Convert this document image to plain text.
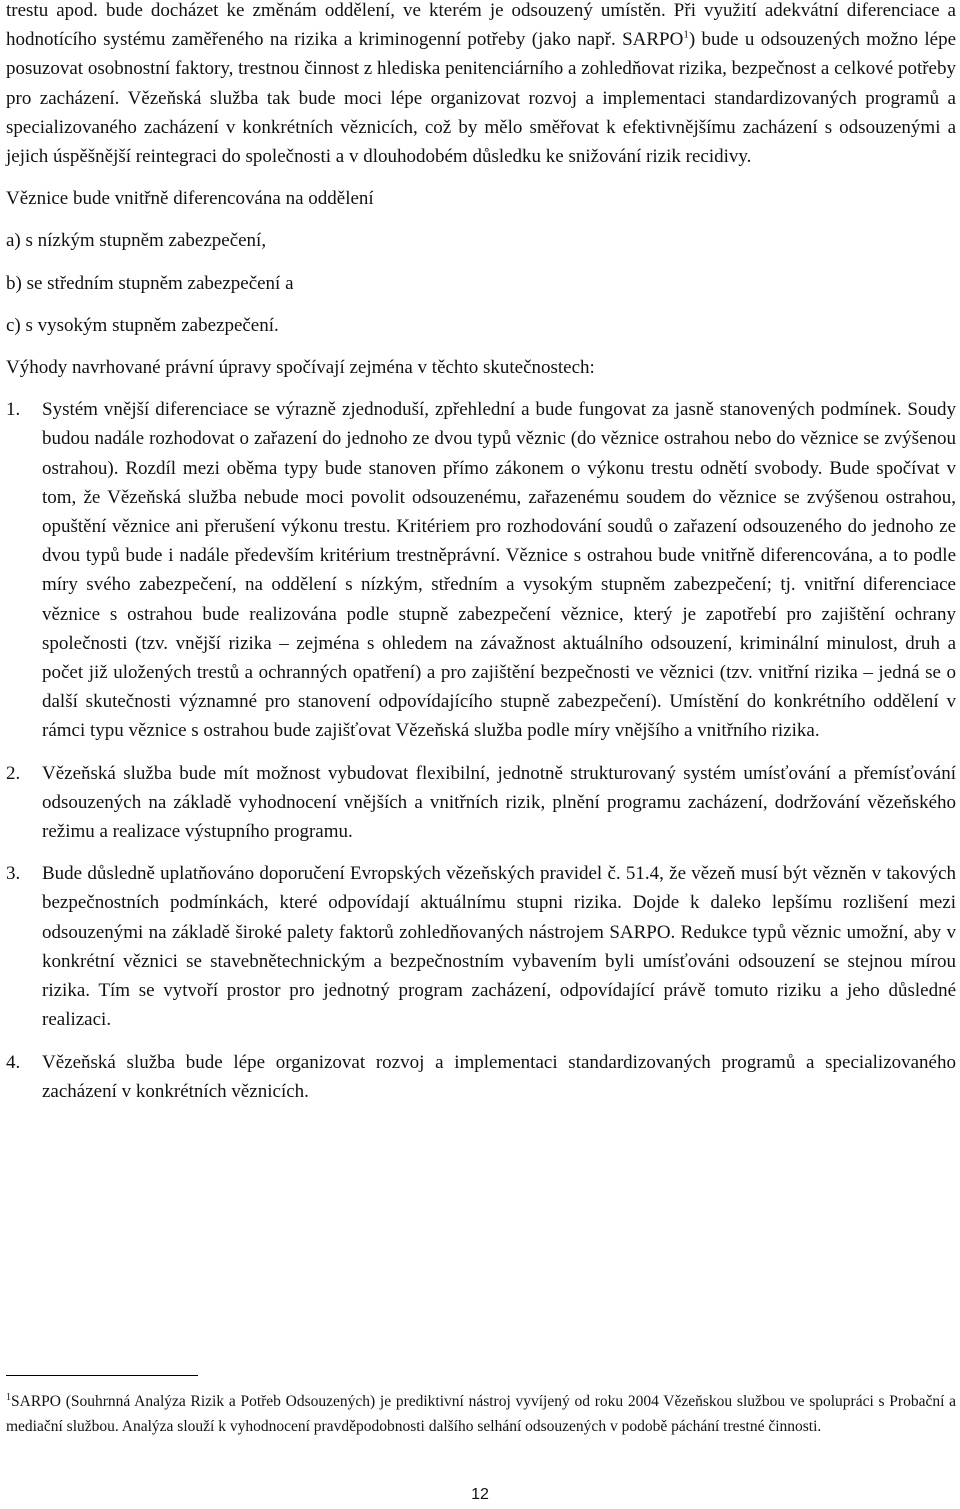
trestu apod. bude docházet ke změnám oddělení, ve kterém je odsouzený umístěn. Při využití adekvátní diferenciace a hodnotícího systému zaměřeného na rizika a kriminogenní potřeby (jako např. SARPO$^1$) bude u odsouzených možno lépe posuzovat osobnostní faktory, trestnou činnost z hlediska penitenciárního a zohledňovat rizika, bezpečnost a celkové potřeby pro zacházení. Vězeňská služba tak bude moci lépe organizovat rozvoj a implementaci standardizovaných programů a specializovaného zacházení v konkrétních věznicích, což by mělo směřovat k efektivnějšímu zacházení s odsouzenými a jejich úspěšnější reintegraci do společnosti a v dlouhodobém důsledku ke snižování rizik recidivy.

Věznice bude vnitřně diferencována na oddělení

a) s nízkým stupněm zabezpečení,

b) se středním stupněm zabezpečení a

c) s vysokým stupněm zabezpečení.

Výhody navrhované právní úpravy spočívají zejména v těchto skutečnostech:

1.	Systém vnější diferenciace se výrazně zjednoduší, zpřehlední a bude fungovat za jasně stanovených podmínek. Soudy budou nadále rozhodovat o zařazení do jednoho ze dvou typů věznic (do věznice ostrahou nebo do věznice se zvýšenou ostrahou). Rozdíl mezi oběma typy bude stanoven přímo zákonem o výkonu trestu odnětí svobody. Bude spočívat v tom, že Vězeňská služba nebude moci povolit odsouzenému, zařazenému soudem do věznice se zvýšenou ostrahou, opuštění věznice ani přerušení výkonu trestu. Kritériem pro rozhodování soudů o zařazení odsouzeného do jednoho ze dvou typů bude i nadále především kritérium trestněprávní. Věznice s ostrahou bude vnitřně diferencována, a to podle míry svého zabezpečení, na oddělení s nízkým, středním a vysokým stupněm zabezpečení; tj. vnitřní diferenciace věznice s ostrahou bude realizována podle stupně zabezpečení věznice, který je zapotřebí pro zajištění ochrany společnosti (tzv. vnější rizika – zejména s ohledem na závažnost aktuálního odsouzení, kriminální minulost, druh a počet již uložených trestů a ochranných opatření) a pro zajištění bezpečnosti ve věznici (tzv. vnitřní rizika – jedná se o další skutečnosti významné pro stanovení odpovídajícího stupně zabezpečení). Umístění do konkrétního oddělení v rámci typu věznice s ostrahou bude zajišťovat Vězeňská služba podle míry vnějšího a vnitřního rizika.
2.	Vězeňská služba bude mít možnost vybudovat flexibilní, jednotně strukturovaný systém umísťování a přemísťování odsouzených na základě vyhodnocení vnějších a vnitřních rizik, plnění programu zacházení, dodržování vězeňského režimu a realizace výstupního programu.
3.	Bude důsledně uplatňováno doporučení Evropských vězeňských pravidel č. 51.4, že vězeň musí být vězněn v takových bezpečnostních podmínkách, které odpovídají aktuálnímu stupni rizika. Dojde k daleko lepšímu rozlišení mezi odsouzenými na základě široké palety faktorů zohledňovaných nástrojem SARPO. Redukce typů věznic umožní, aby v konkrétní věznici se stavebnětechnickým a bezpečnostním vybavením byli umísťováni odsouzení se stejnou mírou rizika. Tím se vytvoří prostor pro jednotný program zacházení, odpovídající právě tomuto riziku a jeho důsledné realizaci.
4.	Vězeňská služba bude lépe organizovat rozvoj a implementaci standardizovaných programů a specializovaného zacházení v konkrétních věznicích.
$^1$SARPO (Souhrnná Analýza Rizik a Potřeb Odsouzených) je prediktivní nástroj vyvíjený od roku 2004 Vězeňskou službou ve spolupráci s Probační a mediační službou. Analýza slouží k vyhodnocení pravděpodobnosti dalšího selhání odsouzených v podobě páchání trestné činnosti.
12
